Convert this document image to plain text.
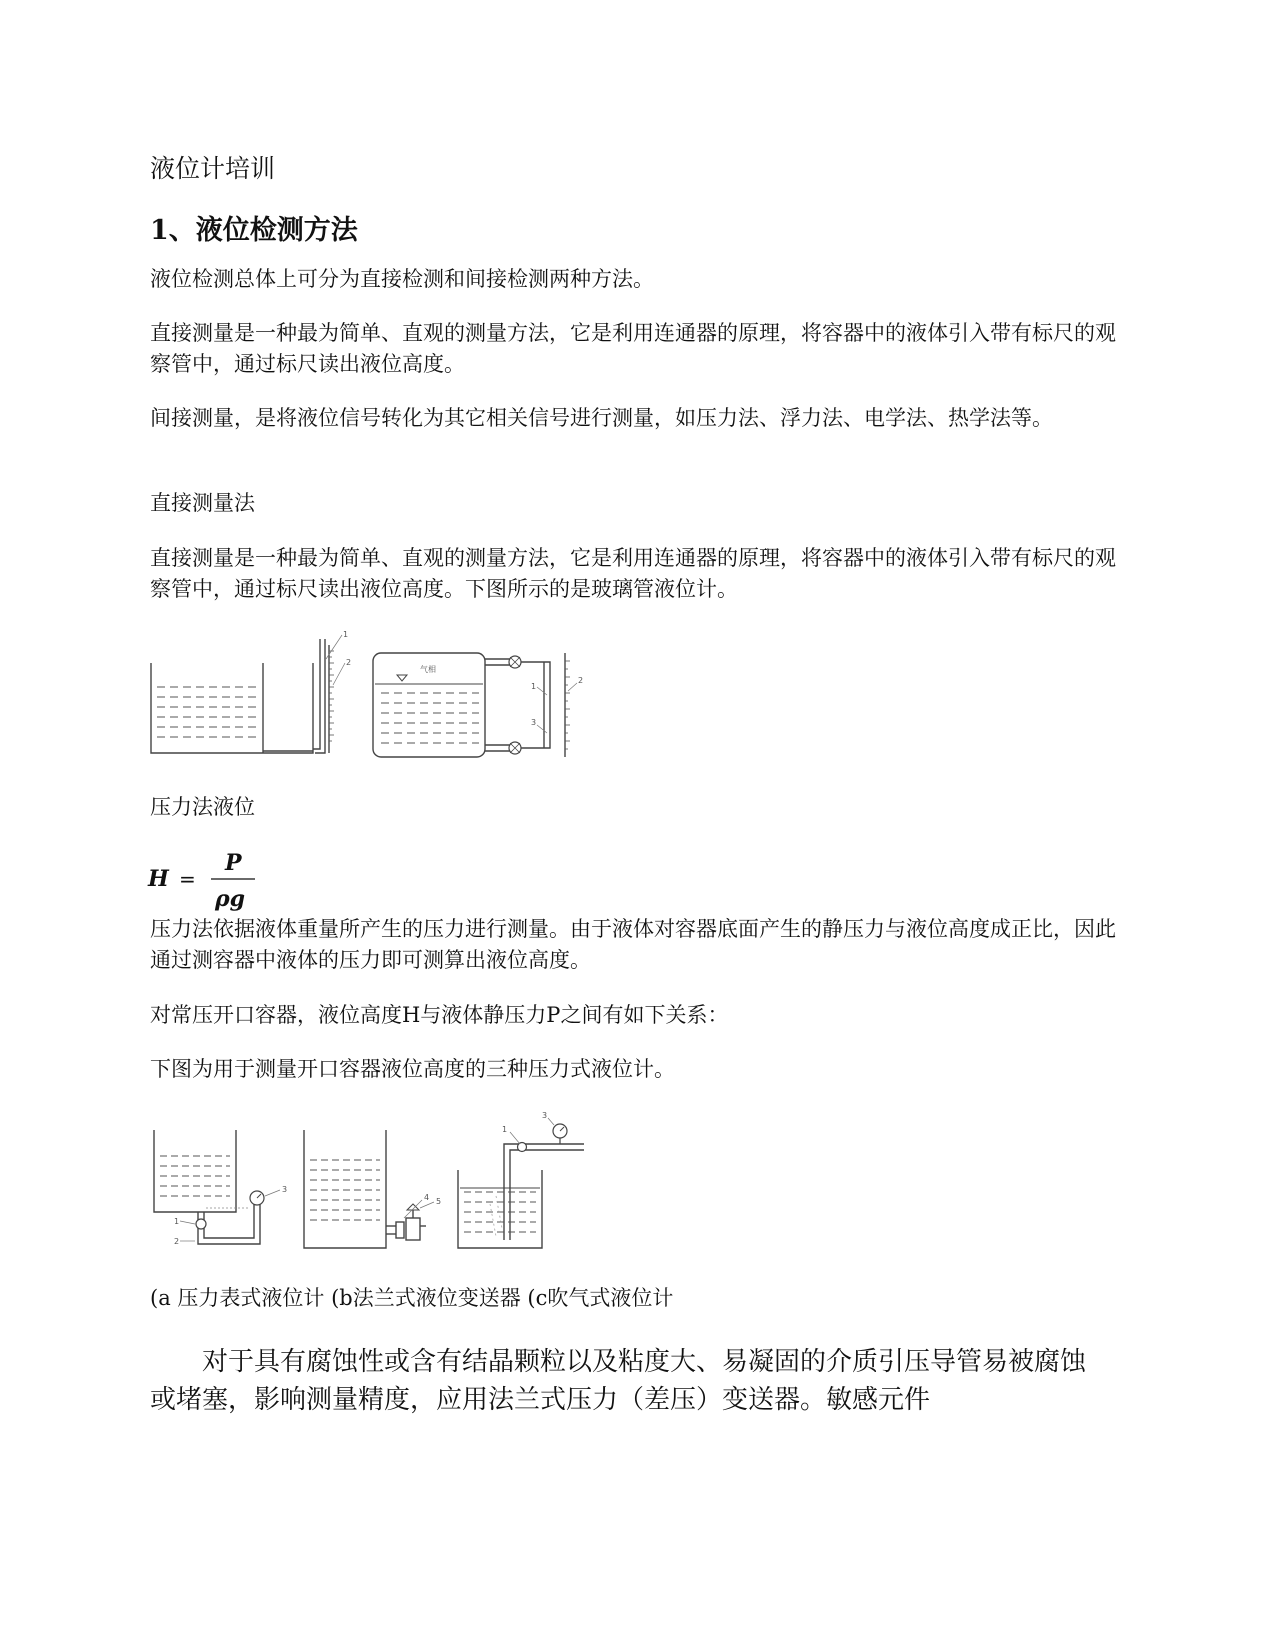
液位计培训

1、液位检测方法

液位检测总体上可分为直接检测和间接检测两种方法。

直接测量是一种最为简单、直观的测量方法，它是利用连通器的原理，将容器中的液体引入带有标尺的观察管中，通过标尺读出液位高度。

间接测量，是将液位信号转化为其它相关信号进行测量，如压力法、浮力法、电学法、热学法等。

直接测量法

直接测量是一种最为简单、直观的测量方法，它是利用连通器的原理，将容器中的液体引入带有标尺的观察管中，通过标尺读出液位高度。下图所示的是玻璃管液位计。

1
2
气相
1
2
3

压力法液位

H =
P
ρg

压力法依据液体重量所产生的压力进行测量。由于液体对容器底面产生的静压力与液位高度成正比，因此通过测容器中液体的压力即可测算出液位高度。

对常压开口容器，液位高度H与液体静压力P之间有如下关系：

下图为用于测量开口容器液位高度的三种压力式液位计。

1
2
3
4 5
1
3

(a 压力表式液位计 (b法兰式液位变送器 (c吹气式液位计

对于具有腐蚀性或含有结晶颗粒以及粘度大、易凝固的介质引压导管易被腐蚀或堵塞，影响测量精度，应用法兰式压力（差压）变送器。敏感元件
